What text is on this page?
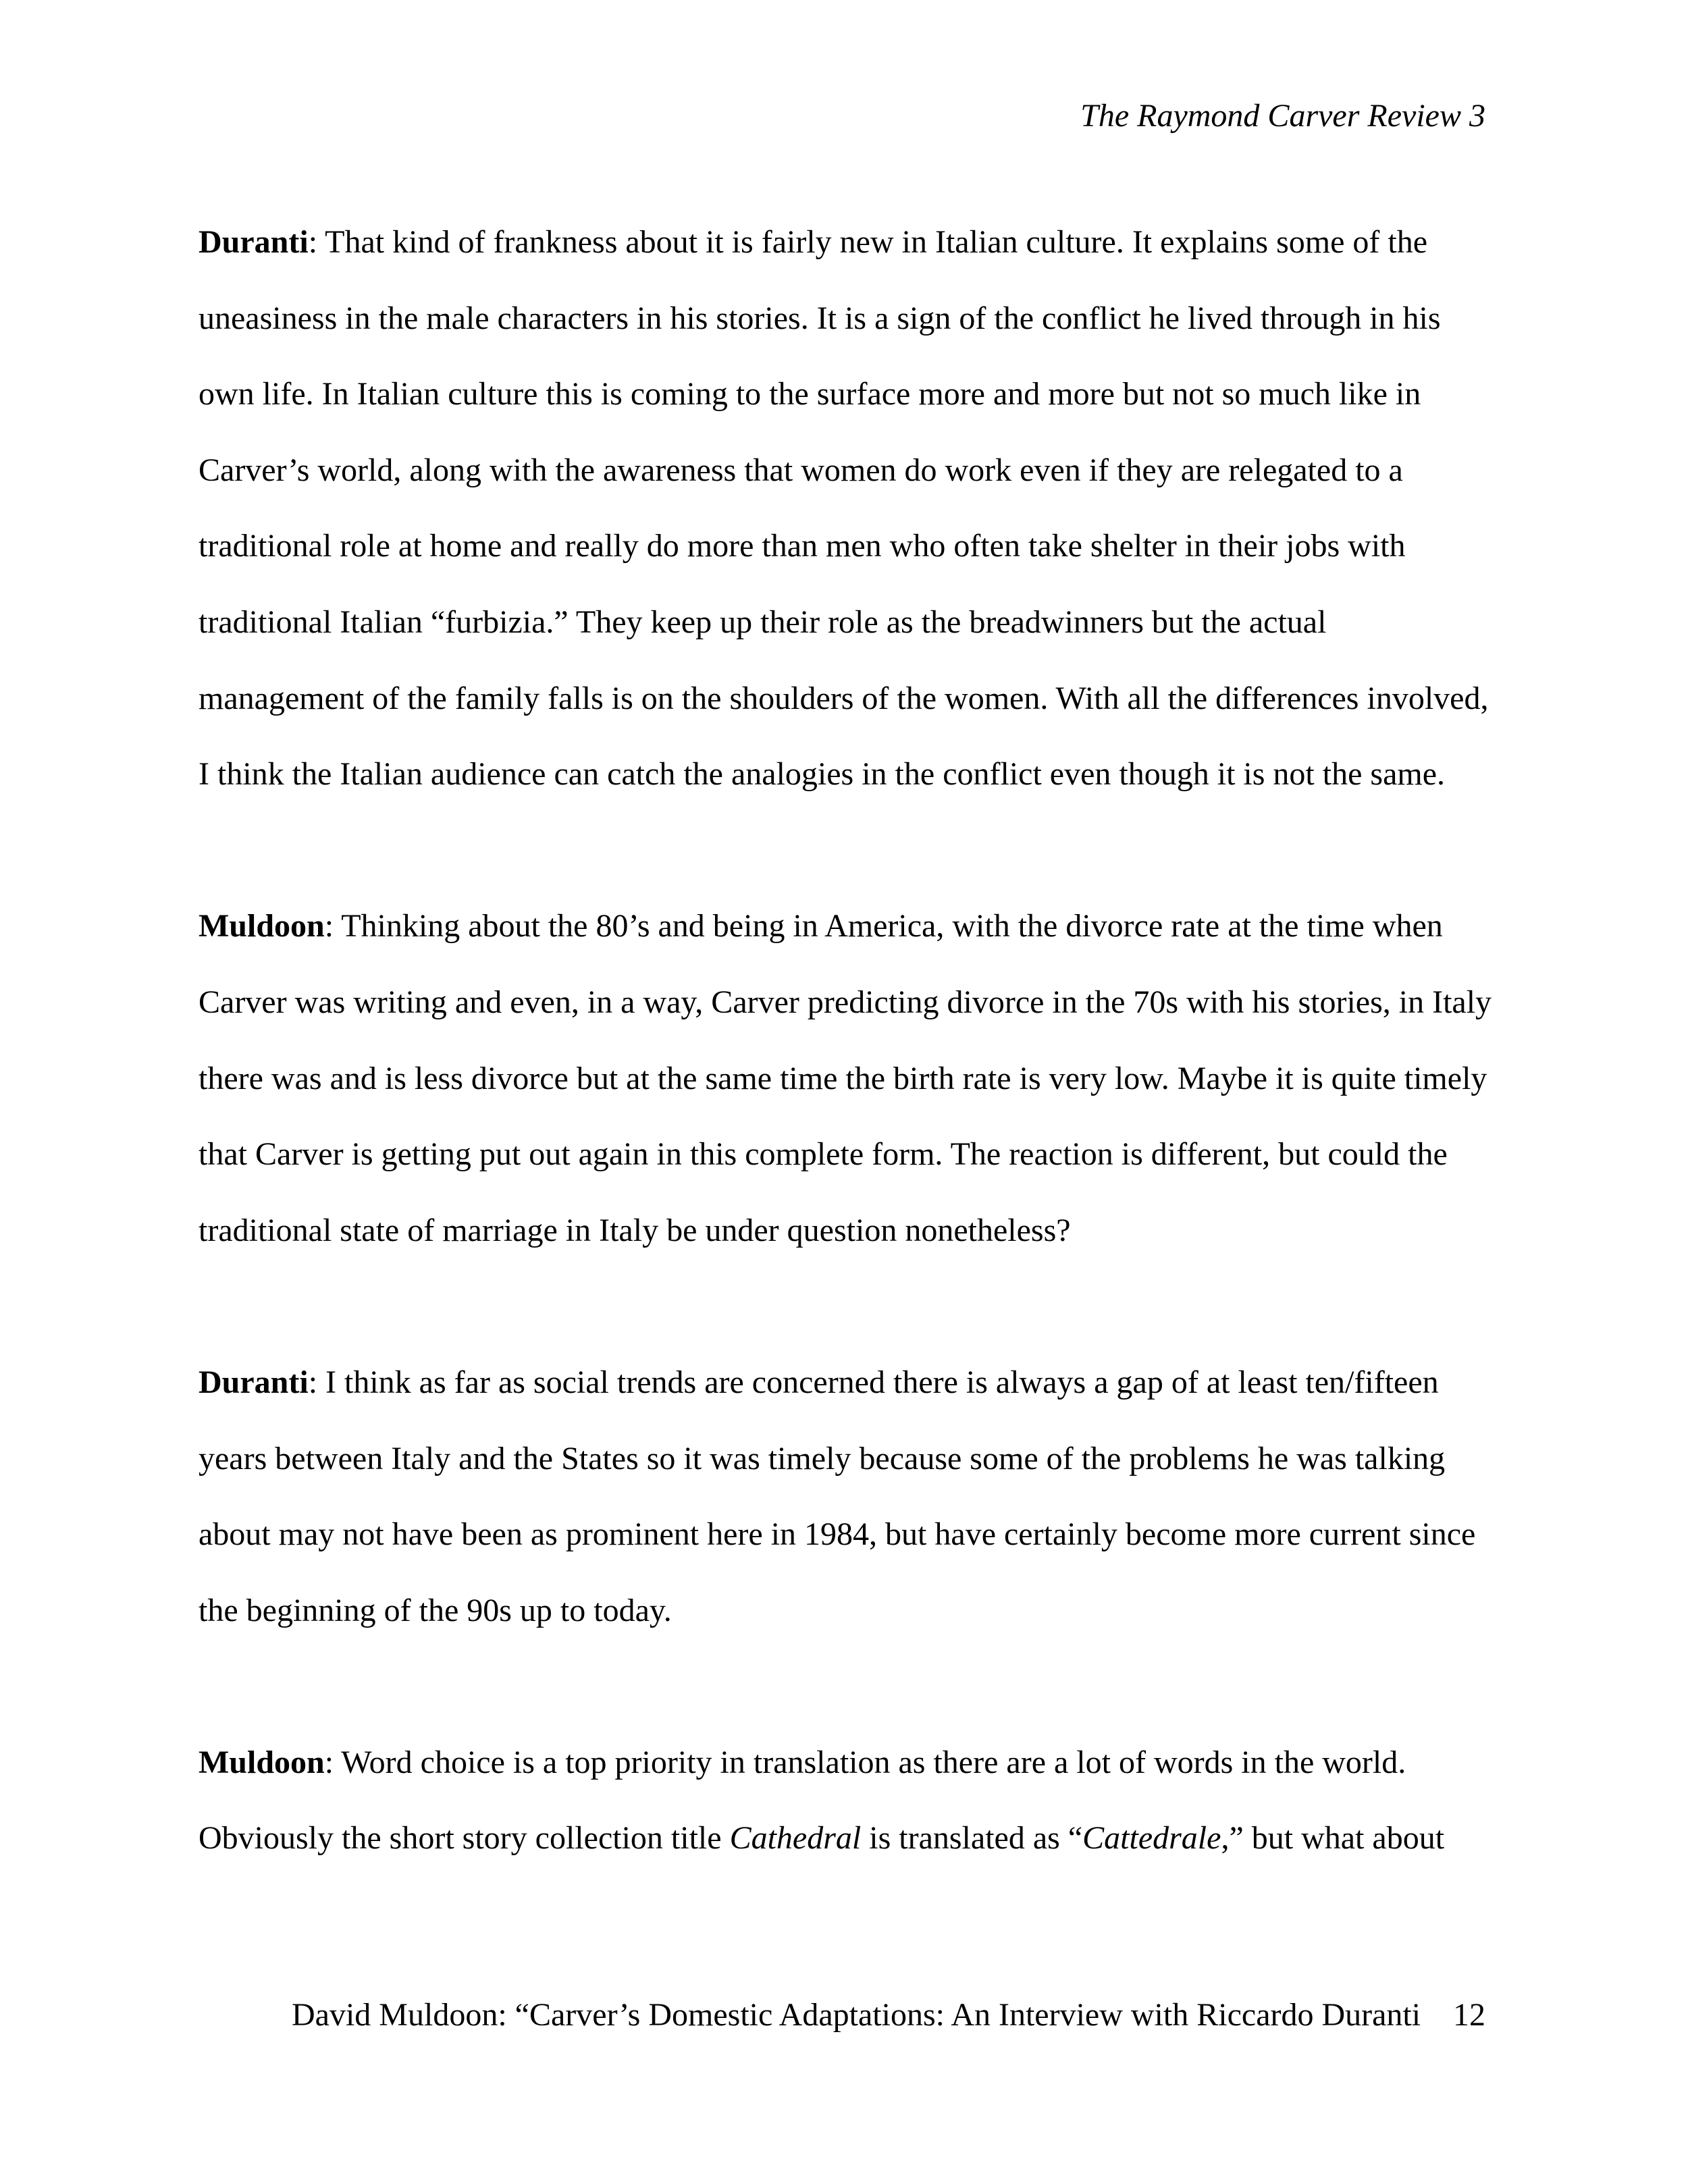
The Raymond Carver Review 3

Duranti: That kind of frankness about it is fairly new in Italian culture. It explains some of the uneasiness in the male characters in his stories. It is a sign of the conflict he lived through in his own life. In Italian culture this is coming to the surface more and more but not so much like in Carver’s world, along with the awareness that women do work even if they are relegated to a traditional role at home and really do more than men who often take shelter in their jobs with traditional Italian “furbizia.” They keep up their role as the breadwinners but the actual management of the family falls is on the shoulders of the women. With all the differences involved, I think the Italian audience can catch the analogies in the conflict even though it is not the same.

Muldoon: Thinking about the 80’s and being in America, with the divorce rate at the time when Carver was writing and even, in a way, Carver predicting divorce in the 70s with his stories, in Italy there was and is less divorce but at the same time the birth rate is very low. Maybe it is quite timely that Carver is getting put out again in this complete form. The reaction is different, but could the traditional state of marriage in Italy be under question nonetheless?

Duranti: I think as far as social trends are concerned there is always a gap of at least ten/fifteen years between Italy and the States so it was timely because some of the problems he was talking about may not have been as prominent here in 1984, but have certainly become more current since the beginning of the 90s up to today.

Muldoon: Word choice is a top priority in translation as there are a lot of words in the world. Obviously the short story collection title Cathedral is translated as “Cattedrale,” but what about

David Muldoon: “Carver’s Domestic Adaptations: An Interview with Riccardo Duranti 12
